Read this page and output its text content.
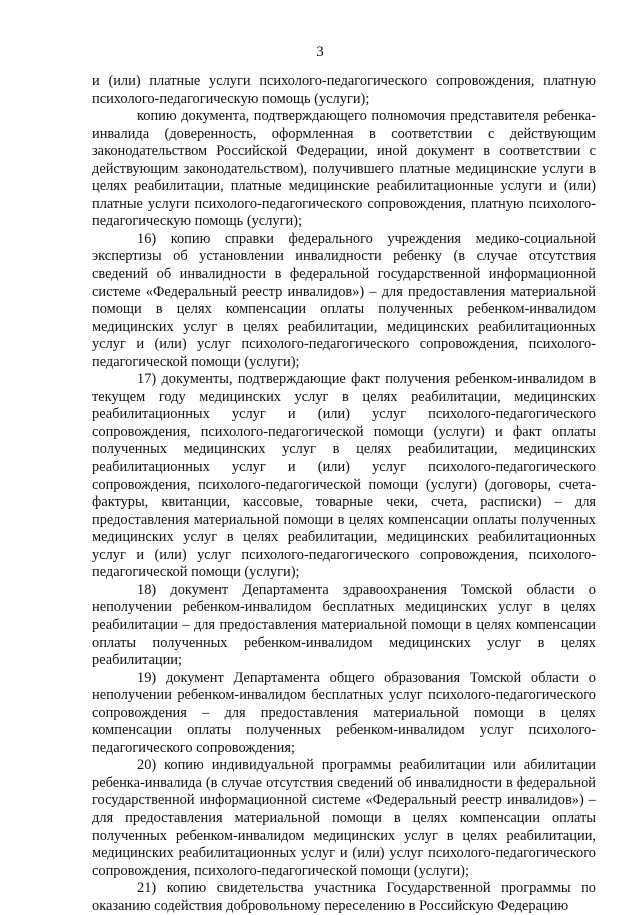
3

и (или) платные услуги психолого-педагогического сопровождения, платную психолого-педагогическую помощь (услуги);

копию документа, подтверждающего полномочия представителя ребенка-инвалида (доверенность, оформленная в соответствии с действующим законодательством Российской Федерации, иной документ в соответствии с действующим законодательством), получившего платные медицинские услуги в целях реабилитации, платные медицинские реабилитационные услуги и (или) платные услуги психолого-педагогического сопровождения, платную психолого-педагогическую помощь (услуги);

16) копию справки федерального учреждения медико-социальной экспертизы об установлении инвалидности ребенку (в случае отсутствия сведений об инвалидности в федеральной государственной информационной системе «Федеральный реестр инвалидов») – для предоставления материальной помощи в целях компенсации оплаты полученных ребенком-инвалидом медицинских услуг в целях реабилитации, медицинских реабилитационных услуг и (или) услуг психолого-педагогического сопровождения, психолого-педагогической помощи (услуги);

17) документы, подтверждающие факт получения ребенком-инвалидом в текущем году медицинских услуг в целях реабилитации, медицинских реабилитационных услуг и (или) услуг психолого-педагогического сопровождения, психолого-педагогической помощи (услуги) и факт оплаты полученных медицинских услуг в целях реабилитации, медицинских реабилитационных услуг и (или) услуг психолого-педагогического сопровождения, психолого-педагогической помощи (услуги) (договоры, счета-фактуры, квитанции, кассовые, товарные чеки, счета, расписки) – для предоставления материальной помощи в целях компенсации оплаты полученных медицинских услуг в целях реабилитации, медицинских реабилитационных услуг и (или) услуг психолого-педагогического сопровождения, психолого-педагогической помощи (услуги);

18) документ Департамента здравоохранения Томской области о неполучении ребенком-инвалидом бесплатных медицинских услуг в целях реабилитации – для предоставления материальной помощи в целях компенсации оплаты полученных ребенком-инвалидом медицинских услуг в целях реабилитации;

19) документ Департамента общего образования Томской области о неполучении ребенком-инвалидом бесплатных услуг психолого-педагогического сопровождения – для предоставления материальной помощи в целях компенсации оплаты полученных ребенком-инвалидом услуг психолого-педагогического сопровождения;

20) копию индивидуальной программы реабилитации или абилитации ребенка-инвалида (в случае отсутствия сведений об инвалидности в федеральной государственной информационной системе «Федеральный реестр инвалидов») – для предоставления материальной помощи в целях компенсации оплаты полученных ребенком-инвалидом медицинских услуг в целях реабилитации, медицинских реабилитационных услуг и (или) услуг психолого-педагогического сопровождения, психолого-педагогической помощи (услуги);

21) копию свидетельства участника Государственной программы по оказанию содействия добровольному переселению в Российскую Федерацию
